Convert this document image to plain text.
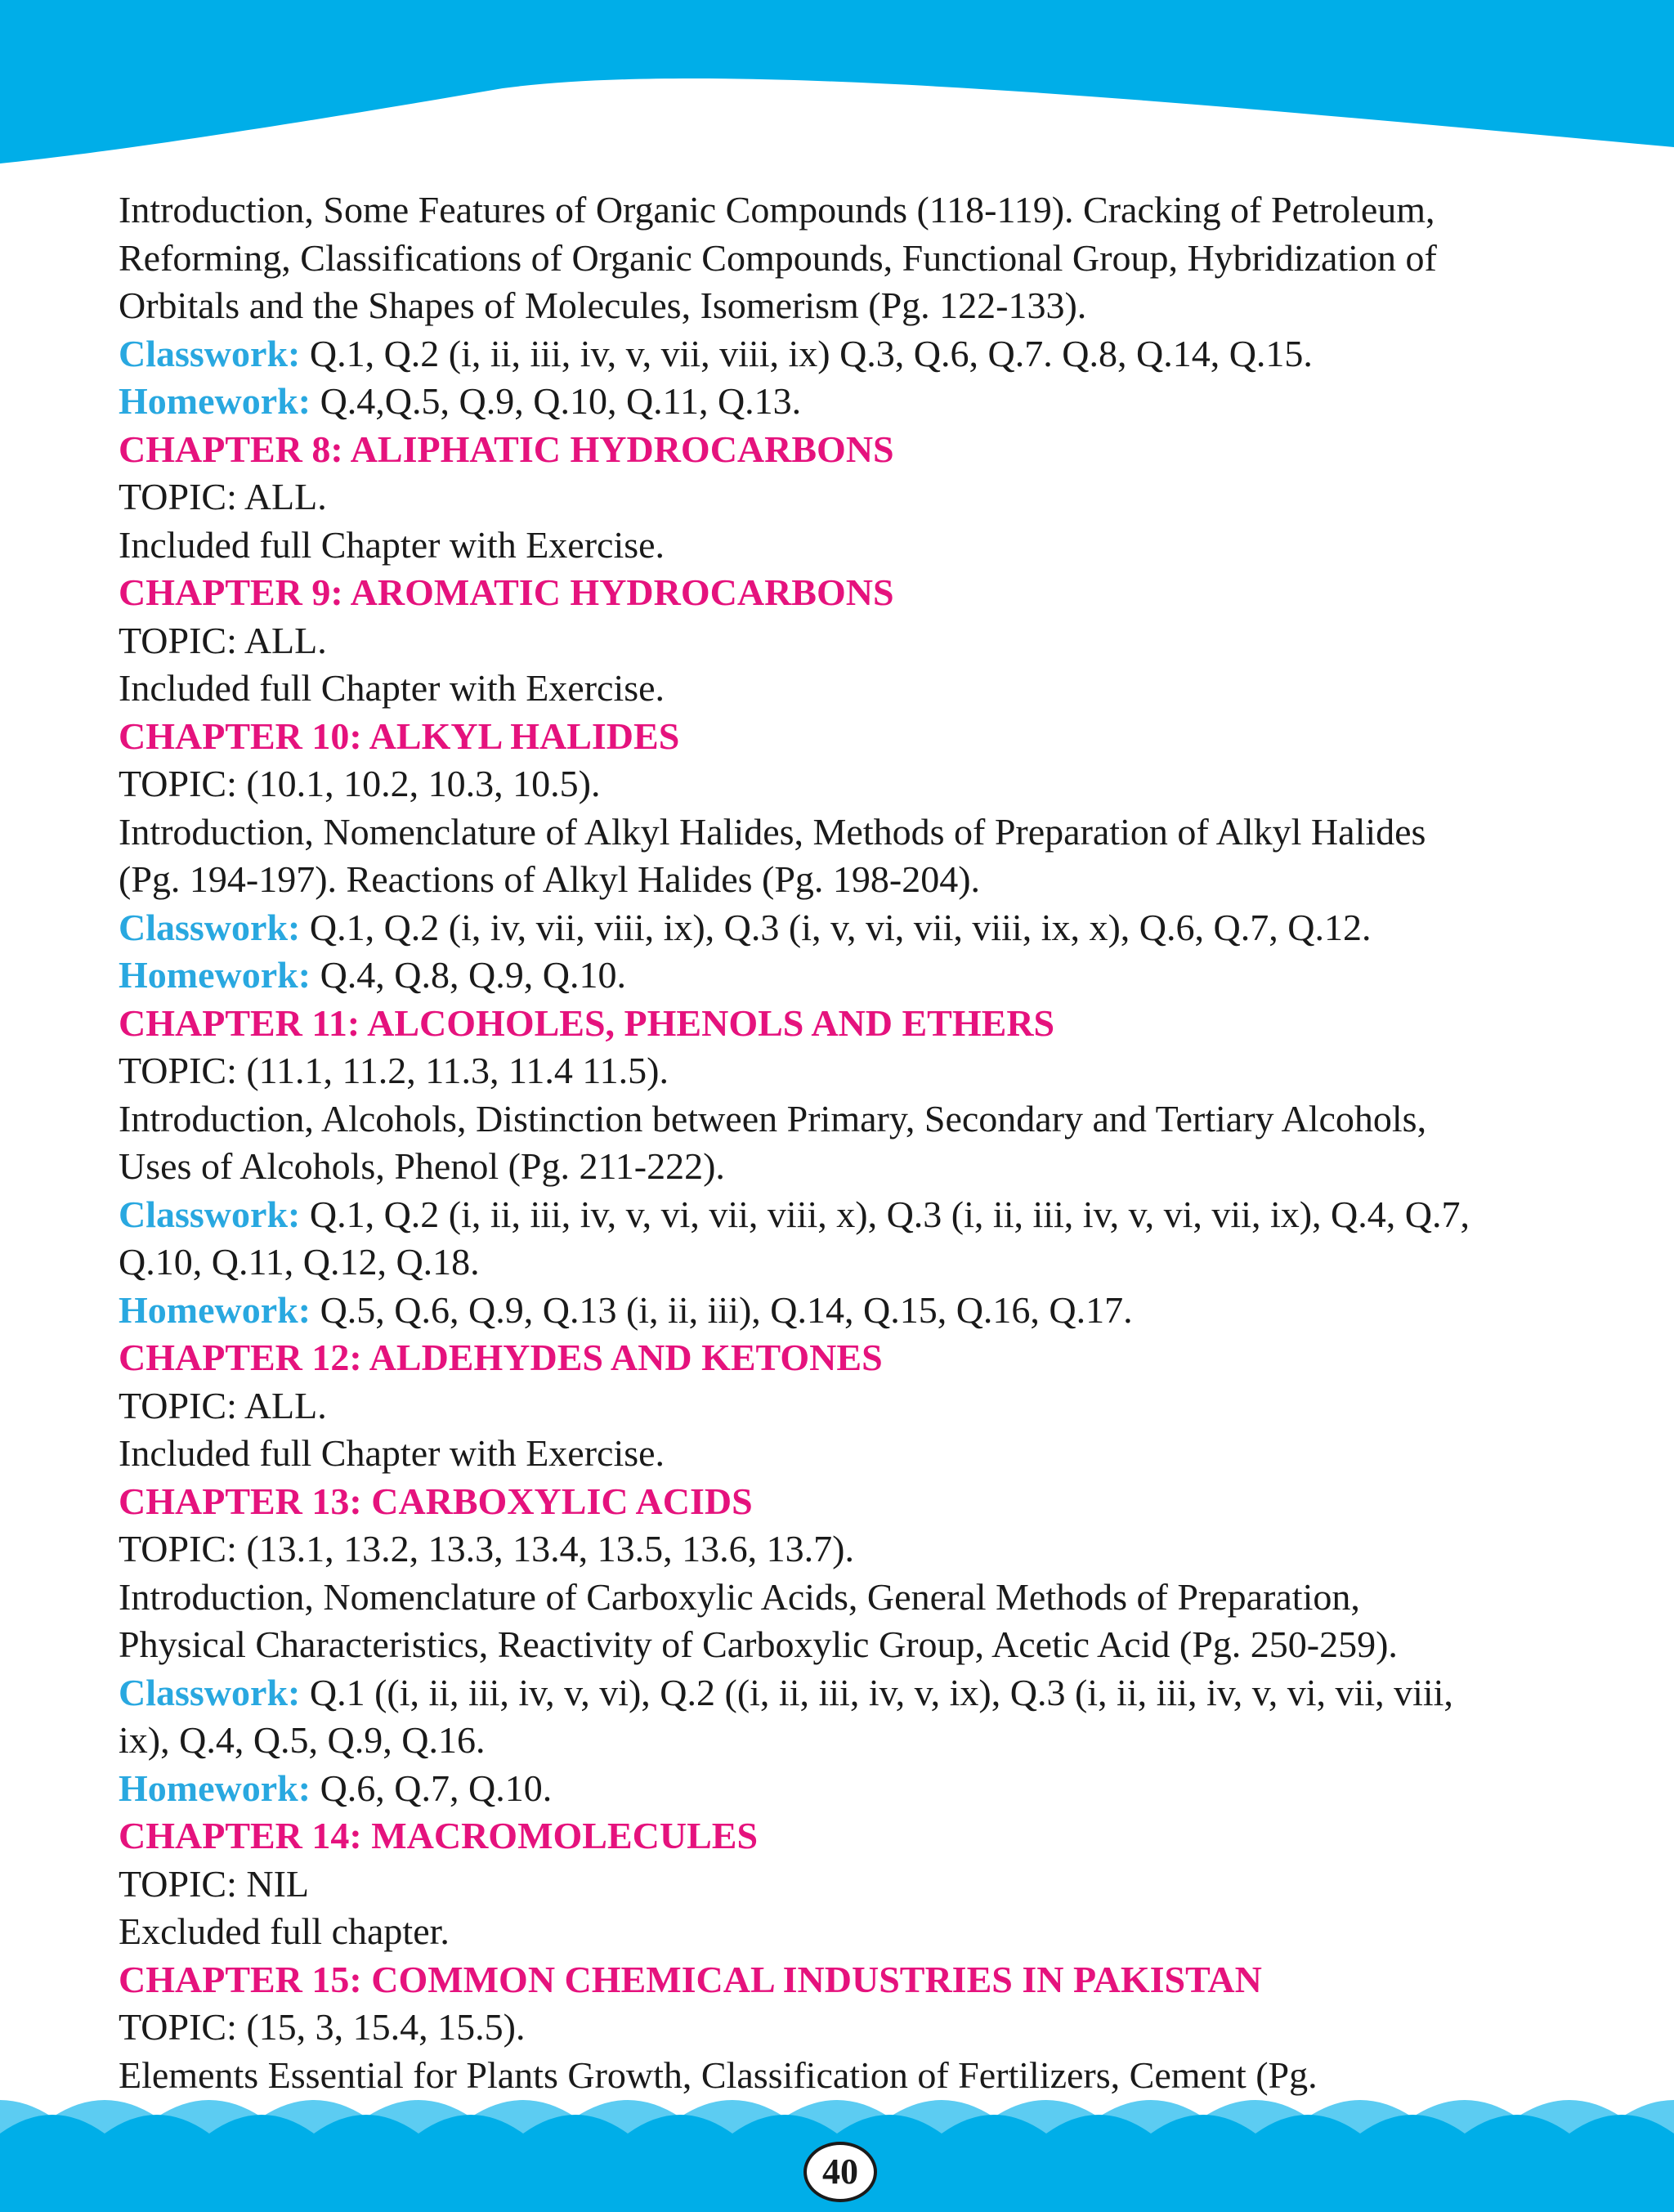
Introduction, Some Features of Organic Compounds (118-119). Cracking of Petroleum,
Reforming, Classifications of Organic Compounds, Functional Group, Hybridization of
Orbitals and the Shapes of Molecules, Isomerism (Pg. 122-133).
Classwork: Q.1, Q.2 (i, ii, iii, iv, v, vii, viii, ix) Q.3, Q.6, Q.7. Q.8, Q.14, Q.15.
Homework: Q.4,Q.5, Q.9, Q.10, Q.11, Q.13.
CHAPTER 8: ALIPHATIC HYDROCARBONS
TOPIC: ALL.
Included full Chapter with Exercise.
CHAPTER 9: AROMATIC HYDROCARBONS
TOPIC: ALL.
Included full Chapter with Exercise.
CHAPTER 10: ALKYL HALIDES
TOPIC: (10.1, 10.2, 10.3, 10.5).
Introduction, Nomenclature of Alkyl Halides, Methods of Preparation of Alkyl Halides
(Pg. 194-197). Reactions of Alkyl Halides (Pg. 198-204).
Classwork: Q.1, Q.2 (i, iv, vii, viii, ix), Q.3 (i, v, vi, vii, viii, ix, x), Q.6, Q.7, Q.12.
Homework: Q.4, Q.8, Q.9, Q.10.
CHAPTER 11: ALCOHOLES, PHENOLS AND ETHERS
TOPIC: (11.1, 11.2, 11.3, 11.4 11.5).
Introduction, Alcohols, Distinction between Primary, Secondary and Tertiary Alcohols,
Uses of Alcohols, Phenol (Pg. 211-222).
Classwork: Q.1, Q.2 (i, ii, iii, iv, v, vi, vii, viii, x), Q.3 (i, ii, iii, iv, v, vi, vii, ix), Q.4, Q.7,
Q.10, Q.11, Q.12, Q.18.
Homework: Q.5, Q.6, Q.9, Q.13 (i, ii, iii), Q.14, Q.15, Q.16, Q.17.
CHAPTER 12: ALDEHYDES AND KETONES
TOPIC: ALL.
Included full Chapter with Exercise.
CHAPTER 13: CARBOXYLIC ACIDS
TOPIC: (13.1, 13.2, 13.3, 13.4, 13.5, 13.6, 13.7).
Introduction, Nomenclature of Carboxylic Acids, General Methods of Preparation,
Physical Characteristics, Reactivity of Carboxylic Group, Acetic Acid (Pg. 250-259).
Classwork: Q.1 ((i, ii, iii, iv, v, vi), Q.2 ((i, ii, iii, iv, v, ix), Q.3 (i, ii, iii, iv, v, vi, vii, viii,
ix), Q.4, Q.5, Q.9, Q.16.
Homework: Q.6, Q.7, Q.10.
CHAPTER 14: MACROMOLECULES
TOPIC: NIL
Excluded full chapter.
CHAPTER 15: COMMON CHEMICAL INDUSTRIES IN PAKISTAN
TOPIC: (15, 3, 15.4, 15.5).
Elements Essential for Plants Growth, Classification of Fertilizers, Cement (Pg.
40
